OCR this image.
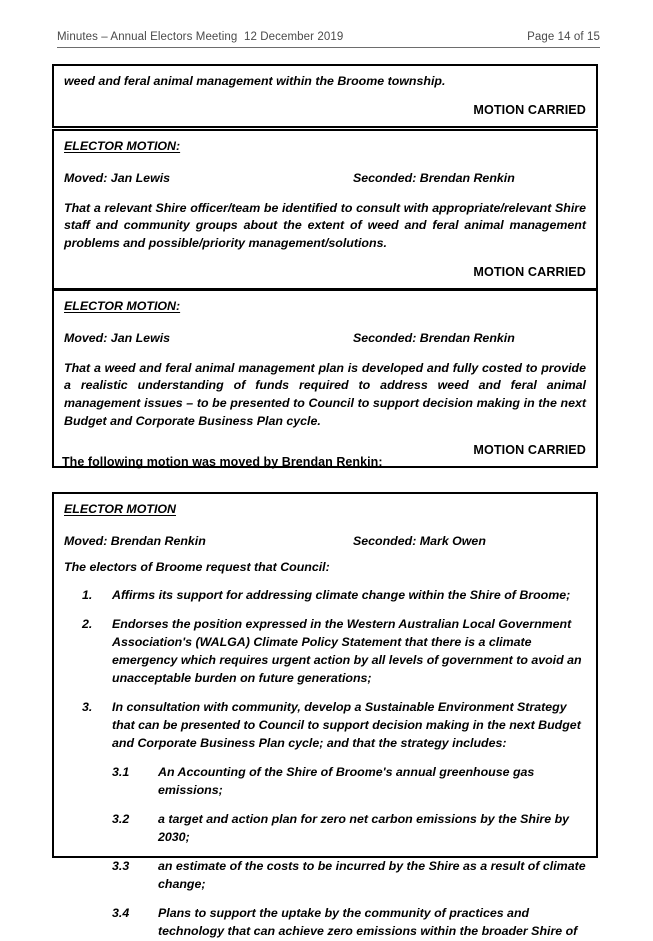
Minutes – Annual Electors Meeting  12 December 2019	Page 14 of 15
weed and feral animal management within the Broome township.
MOTION CARRIED
ELECTOR MOTION:
Moved: Jan Lewis	Seconded: Brendan Renkin
That a relevant Shire officer/team be identified to consult with appropriate/relevant Shire staff and community groups about the extent of weed and feral animal management problems and possible/priority management/solutions.
MOTION CARRIED
ELECTOR MOTION:
Moved: Jan Lewis	Seconded: Brendan Renkin
That a weed and feral animal management plan is developed and fully costed to provide a realistic understanding of funds required to address weed and feral animal management issues – to be presented to Council to support decision making in the next Budget and Corporate Business Plan cycle.
MOTION CARRIED
The following motion was moved by Brendan Renkin:
ELECTOR MOTION
Moved: Brendan Renkin	Seconded: Mark Owen
The electors of Broome request that Council:
1. Affirms its support for addressing climate change within the Shire of Broome;
2. Endorses the position expressed in the Western Australian Local Government Association's (WALGA) Climate Policy Statement that there is a climate emergency which requires urgent action by all levels of government to avoid an unacceptable burden on future generations;
3. In consultation with community, develop a Sustainable Environment Strategy that can be presented to Council to support decision making in the next Budget and Corporate Business Plan cycle; and that the strategy includes:
3.1 An Accounting of the Shire of Broome's annual greenhouse gas emissions;
3.2 a target and action plan for zero net carbon emissions by the Shire by 2030;
3.3 an estimate of the costs to be incurred by the Shire as a result of climate change;
3.4 Plans to support the uptake by the community of practices and technology that can achieve zero emissions within the broader Shire of
